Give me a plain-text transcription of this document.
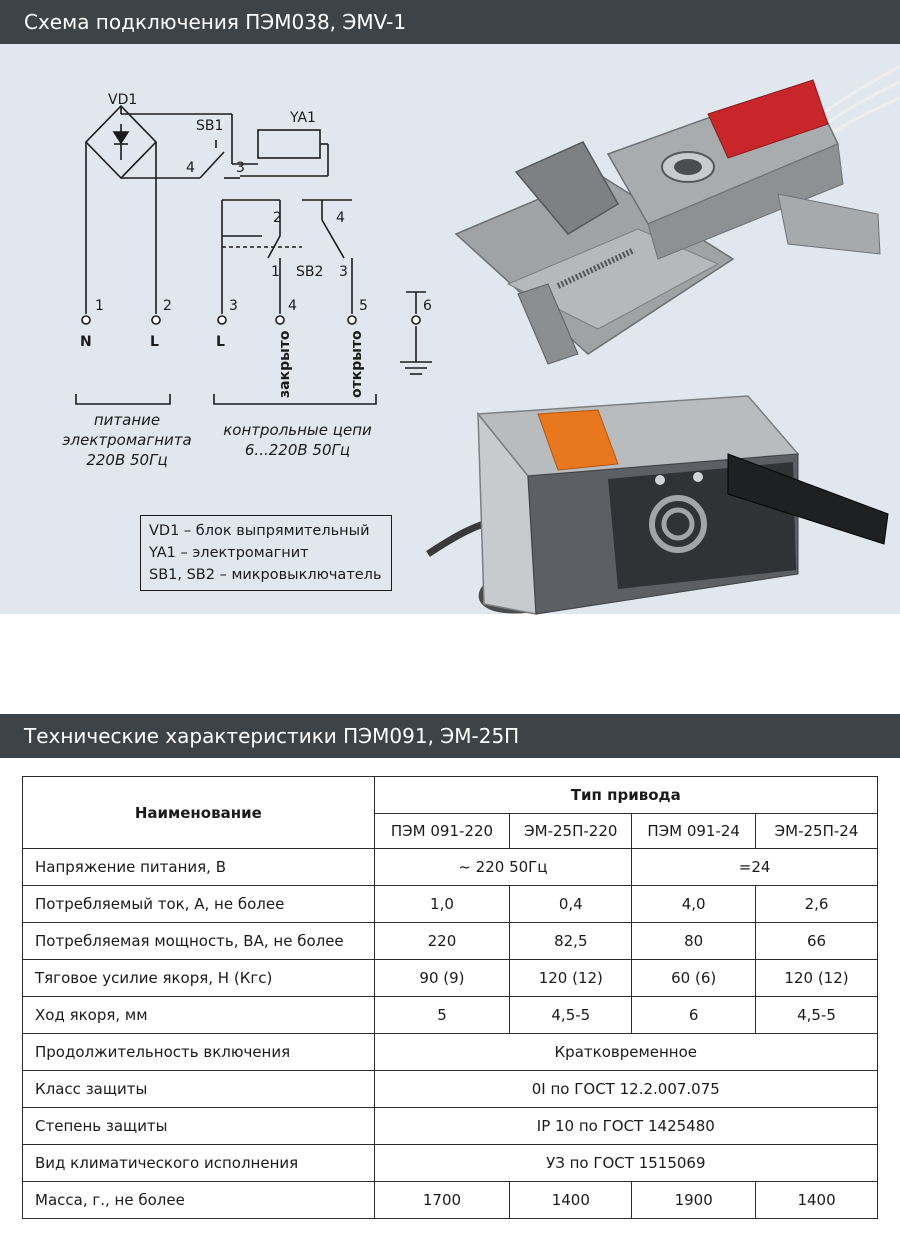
Схема подключения ПЭМ038, ЭМV-1
VD1
SB1	YA1
4	3
2	4
1 SB2 3
1	2	3	4	5	6
N	L	L	закрыто	открыто
питание
электромагнита
220В 50Гц
контрольные цепи
6...220В 50Гц
VD1 – блок выпрямительный
YA1 – электромагнит
SB1, SB2 – микровыключатель
Технические характеристики ПЭМ091, ЭМ-25П
Наименование	Тип привода			
	ПЭМ 091-220	ЭМ-25П-220	ПЭМ 091-24	ЭМ-25П-24
Напряжение питания, В	~ 220 50Гц		=24	
Потребляемый ток, А, не более	1,0	0,4	4,0	2,6
Потребляемая мощность, ВА, не более	220	82,5	80	66
Тяговое усилие якоря, Н (Кгс)	90 (9)	120 (12)	60 (6)	120 (12)
Ход якоря, мм	5	4,5-5	6	4,5-5
Продолжительность включения	Кратковременное			
Класс защиты	0I по ГОСТ 12.2.007.075			
Степень защиты	IP 10 по ГОСТ 1425480			
Вид климатического исполнения	УЗ по ГОСТ 1515069			
Масса, г., не более	1700	1400	1900	1400
